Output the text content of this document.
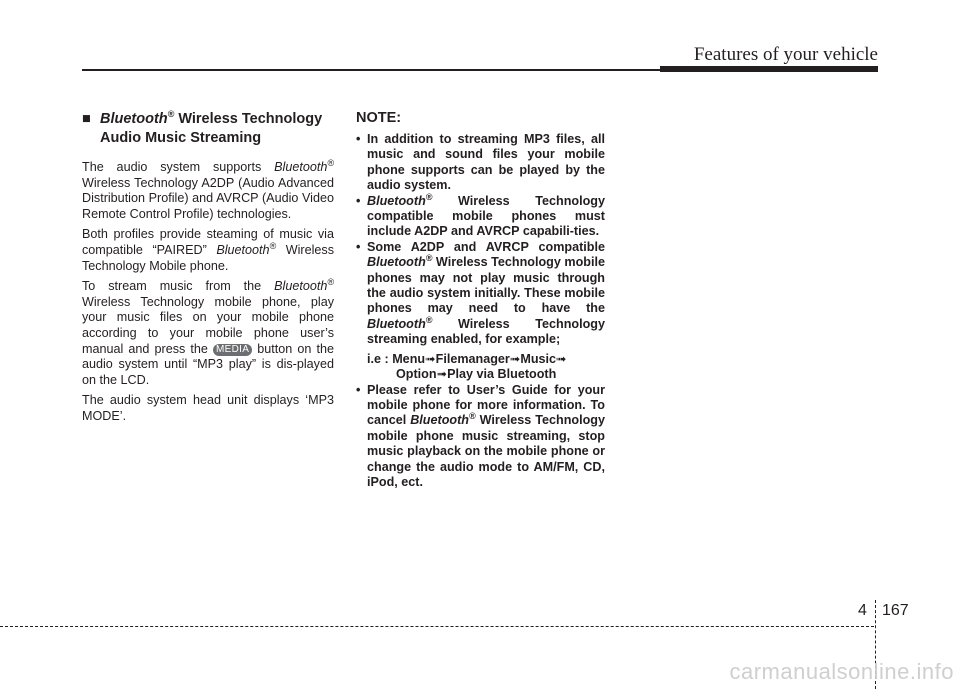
Features of your vehicle
■ Bluetooth® Wireless Technology Audio Music Streaming

The audio system supports Bluetooth® Wireless Technology A2DP (Audio Advanced Distribution Profile) and AVRCP (Audio Video Remote Control Profile) technologies.

Both profiles provide steaming of music via compatible “PAIRED” Bluetooth® Wireless Technology Mobile phone.

To stream music from the Bluetooth® Wireless Technology mobile phone, play your music files on your mobile phone according to your mobile phone user’s manual and press the MEDIA button on the audio system until “MP3 play” is dis-played on the LCD.

The audio system head unit displays ‘MP3 MODE’.

NOTE:
• In addition to streaming MP3 files, all music and sound files your mobile phone supports can be played by the audio system.
• Bluetooth® Wireless Technology compatible mobile phones must include A2DP and AVRCP capabili-ties.
• Some A2DP and AVRCP compatible Bluetooth® Wireless Technology mobile phones may not play music through the audio system initially. These mobile phones may need to have the Bluetooth® Wireless Technology streaming enabled, for example;
i.e : Menu➟Filemanager➟Music➟
Option➟Play via Bluetooth
• Please refer to User’s Guide for your mobile phone for more information. To cancel Bluetooth® Wireless Technology mobile phone music streaming, stop music playback on the mobile phone or change the audio mode to AM/FM, CD, iPod, ect.
4 167
carmanualsonline.info
